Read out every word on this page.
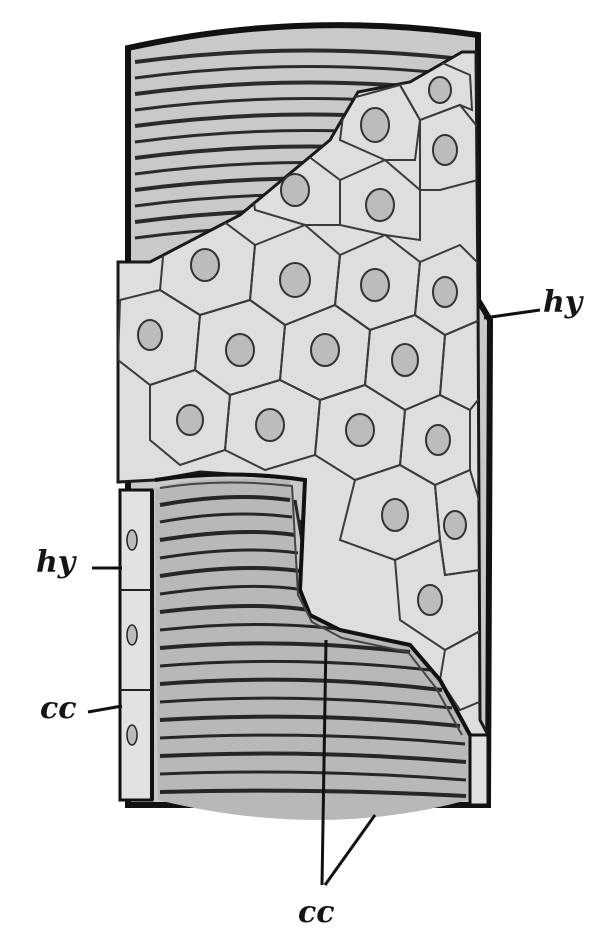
hy
hy
cc
cc
